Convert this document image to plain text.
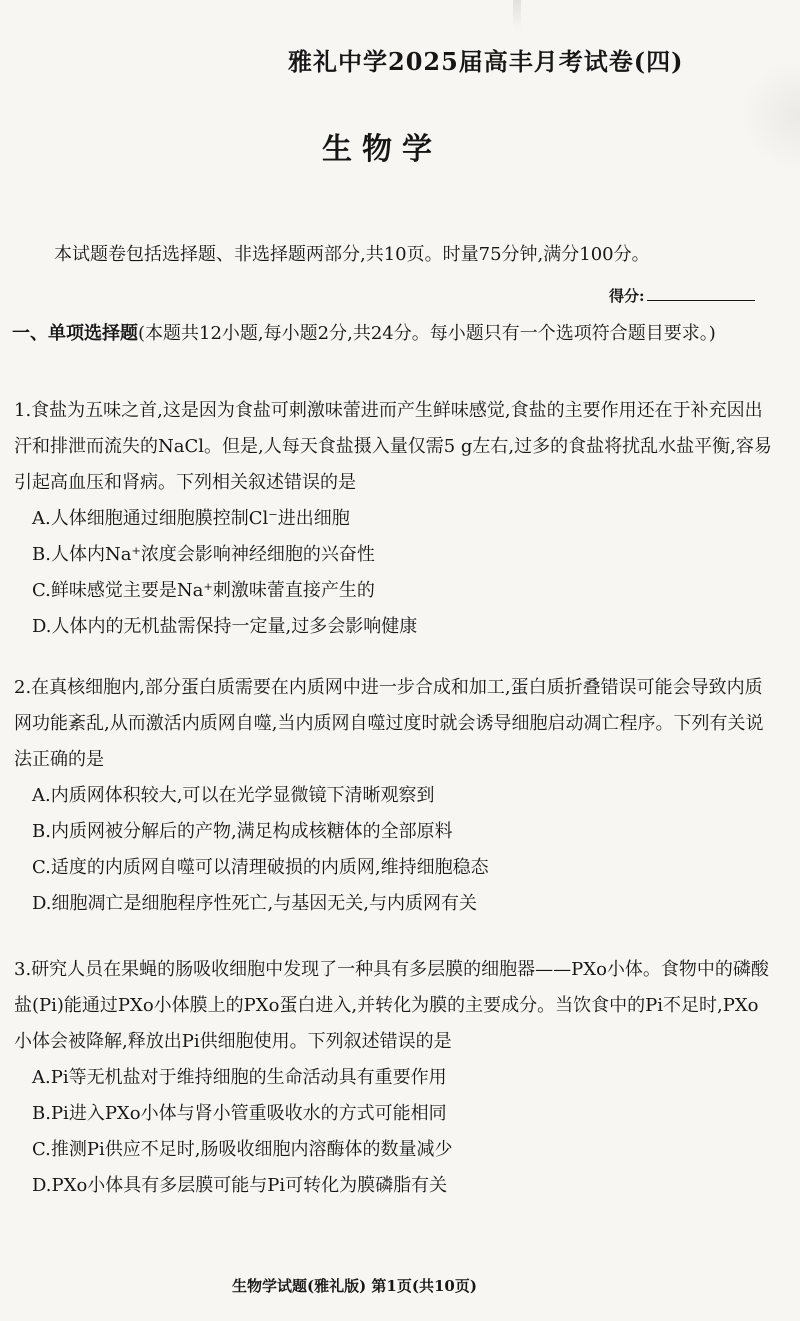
雅礼中学2025届高丰月考试卷(四)
生物学
本试题卷包括选择题、非选择题两部分,共10页。时量75分钟,满分100分。
得分:
一、单项选择题(本题共12小题,每小题2分,共24分。每小题只有一个选项符合题目要求。)
1.食盐为五味之首,这是因为食盐可刺激味蕾进而产生鲜味感觉,食盐的主要作用还在于补充因出汗和排泄而流失的NaCl。但是,人每天食盐摄入量仅需5 g左右,过多的食盐将扰乱水盐平衡,容易引起高血压和肾病。下列相关叙述错误的是
A.人体细胞通过细胞膜控制Cl⁻进出细胞
B.人体内Na⁺浓度会影响神经细胞的兴奋性
C.鲜味感觉主要是Na⁺刺激味蕾直接产生的
D.人体内的无机盐需保持一定量,过多会影响健康
2.在真核细胞内,部分蛋白质需要在内质网中进一步合成和加工,蛋白质折叠错误可能会导致内质网功能紊乱,从而激活内质网自噬,当内质网自噬过度时就会诱导细胞启动凋亡程序。下列有关说法正确的是
A.内质网体积较大,可以在光学显微镜下清晰观察到
B.内质网被分解后的产物,满足构成核糖体的全部原料
C.适度的内质网自噬可以清理破损的内质网,维持细胞稳态
D.细胞凋亡是细胞程序性死亡,与基因无关,与内质网有关
3.研究人员在果蝇的肠吸收细胞中发现了一种具有多层膜的细胞器——PXo小体。食物中的磷酸盐(Pi)能通过PXo小体膜上的PXo蛋白进入,并转化为膜的主要成分。当饮食中的Pi不足时,PXo小体会被降解,释放出Pi供细胞使用。下列叙述错误的是
A.Pi等无机盐对于维持细胞的生命活动具有重要作用
B.Pi进入PXo小体与肾小管重吸收水的方式可能相同
C.推测Pi供应不足时,肠吸收细胞内溶酶体的数量减少
D.PXo小体具有多层膜可能与Pi可转化为膜磷脂有关
生物学试题(雅礼版) 第1页(共10页)
